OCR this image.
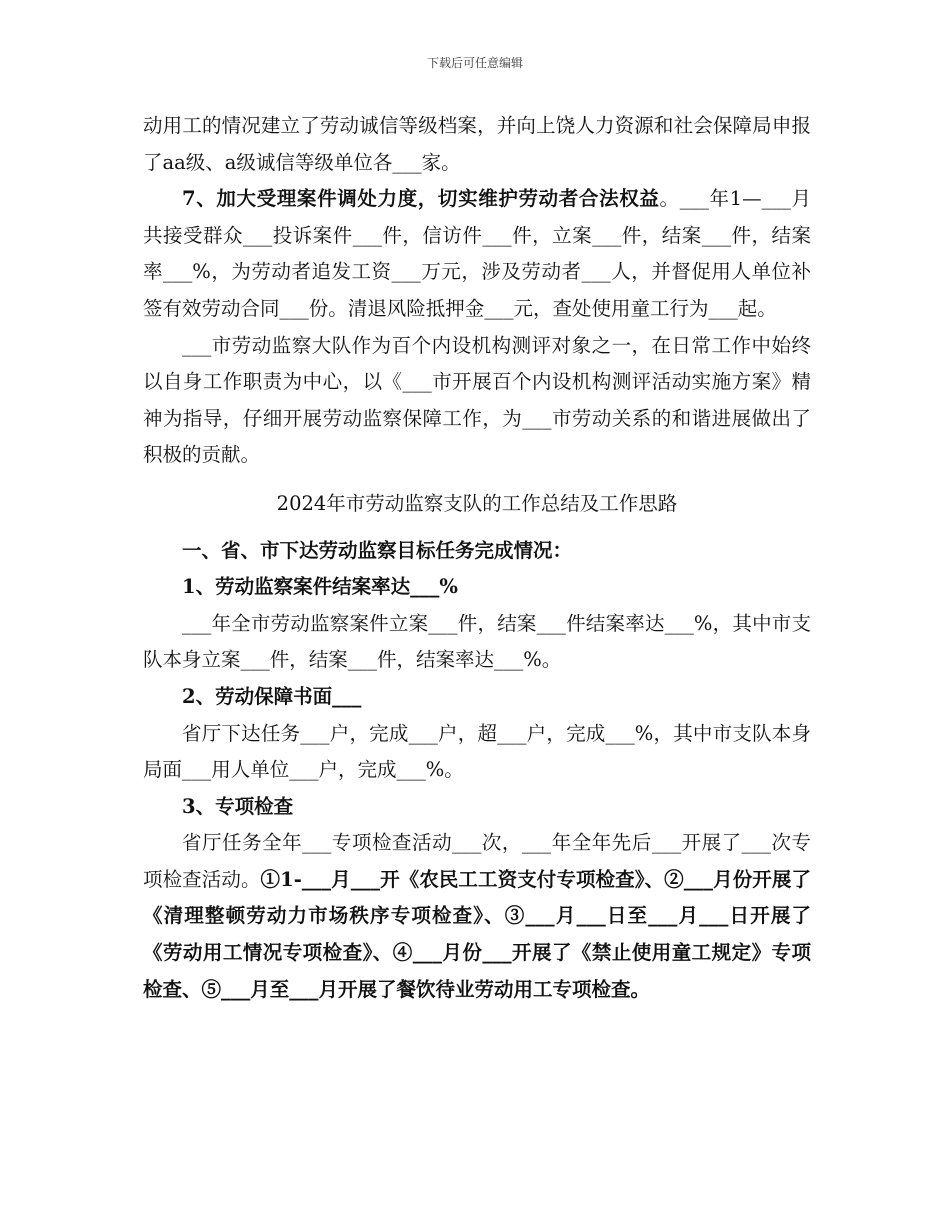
下载后可任意编辑

动用工的情况建立了劳动诚信等级档案，并向上饶人力资源和社会保障局申报了aa级、a级诚信等级单位各___家。

7、加大受理案件调处力度，切实维护劳动者合法权益。___年1—___月共接受群众___投诉案件___件，信访件___件，立案___件，结案___件，结案率___%，为劳动者追发工资___万元，涉及劳动者___人，并督促用人单位补签有效劳动合同___份。清退风险抵押金___元，查处使用童工行为___起。

___市劳动监察大队作为百个内设机构测评对象之一，在日常工作中始终以自身工作职责为中心，以《___市开展百个内设机构测评活动实施方案》精神为指导，仔细开展劳动监察保障工作，为___市劳动关系的和谐进展做出了积极的贡献。

2024年市劳动监察支队的工作总结及工作思路

一、省、市下达劳动监察目标任务完成情况：

1、劳动监察案件结案率达___%

___年全市劳动监察案件立案___件，结案___件结案率达___%，其中市支队本身立案___件，结案___件，结案率达___%。

2、劳动保障书面___

省厅下达任务___户，完成___户，超___户，完成___%，其中市支队本身局面___用人单位___户，完成___%。

3、专项检查

省厅任务全年___专项检查活动___次，___年全年先后___开展了___次专项检查活动。①1-___月___开《农民工工资支付专项检查》、②___月份开展了《清理整顿劳动力市场秩序专项检查》、③___月___日至___月___日开展了《劳动用工情况专项检查》、④___月份___开展了《禁止使用童工规定》专项检查、⑤___月至___月开展了餐饮待业劳动用工专项检查。
